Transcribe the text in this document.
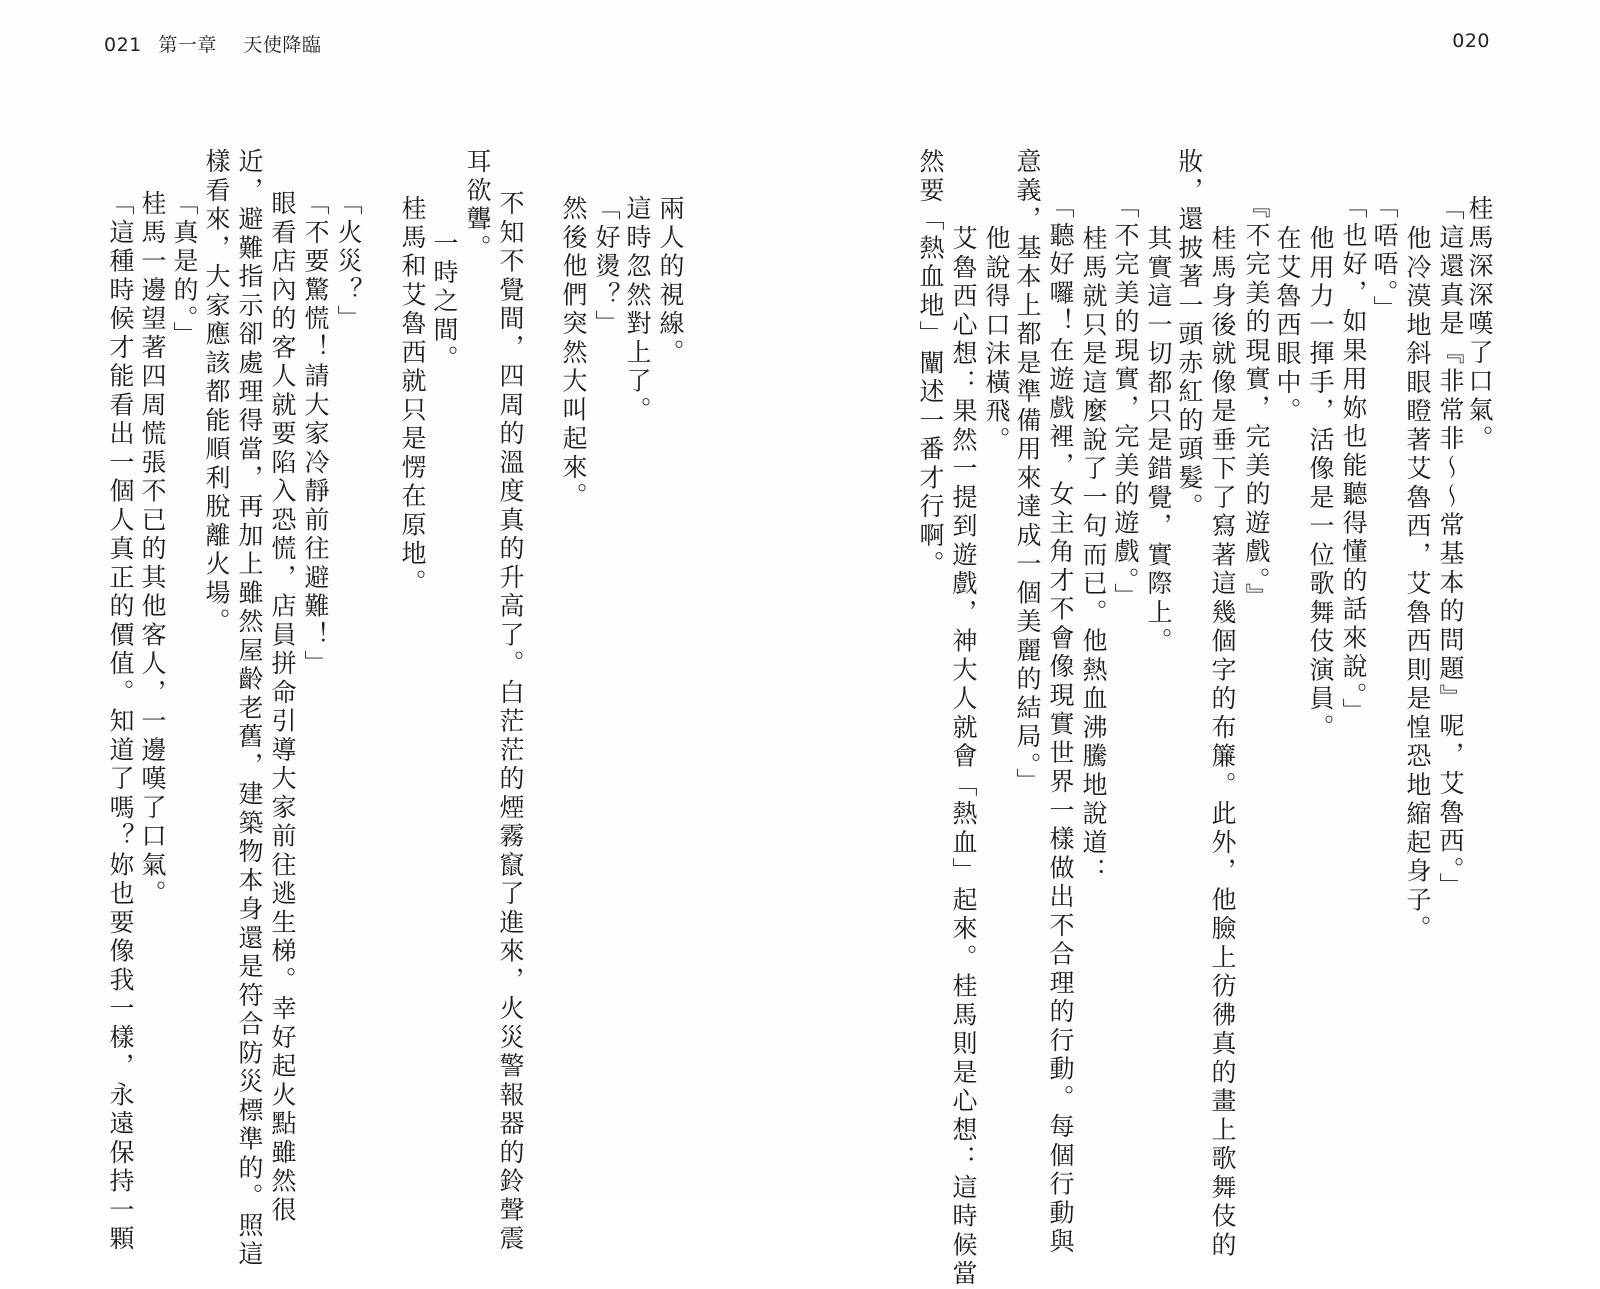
021 第一章 天使降臨	020
桂馬深深嘆了口氣。
「這還真是『非常非～～常基本的問題』呢，艾魯西。」
他冷漠地斜眼瞪著艾魯西，艾魯西則是惶恐地縮起身子。
「唔唔。」
「也好，如果用妳也能聽得懂的話來說。」
他用力一揮手，活像是一位歌舞伎演員。
在艾魯西眼中。
『不完美的現實，完美的遊戲。』
桂馬身後就像是垂下了寫著這幾個字的布簾。此外，他臉上彷彿真的畫上歌舞伎的
妝，還披著一頭赤紅的頭髮。
其實這一切都只是錯覺，實際上。
「不完美的現實，完美的遊戲。」
桂馬就只是這麼說了一句而已。他熱血沸騰地說道：
「聽好囉！在遊戲裡，女主角才不會像現實世界一樣做出不合理的行動。每個行動與
意義，基本上都是準備用來達成一個美麗的結局。」
他說得口沫橫飛。
艾魯西心想：果然一提到遊戲，神大人就會「熱血」起來。桂馬則是心想：這時候當
然要「熱血地」闡述一番才行啊。
兩人的視線。
這時忽然對上了。
「好燙？」
然後他們突然大叫起來。
不知不覺間，四周的溫度真的升高了。白茫茫的煙霧竄了進來，火災警報器的鈴聲震
耳欲聾。
一時之間。
桂馬和艾魯西就只是愣在原地。
「火災？」
「不要驚慌！請大家冷靜前往避難！」
眼看店內的客人就要陷入恐慌，店員拼命引導大家前往逃生梯。幸好起火點雖然很
近，避難指示卻處理得當，再加上雖然屋齡老舊，建築物本身還是符合防災標準的。照這
樣看來，大家應該都能順利脫離火場。
「真是的。」
桂馬一邊望著四周慌張不已的其他客人，一邊嘆了口氣。
「這種時候才能看出一個人真正的價值。知道了嗎？妳也要像我一樣，永遠保持一顆
